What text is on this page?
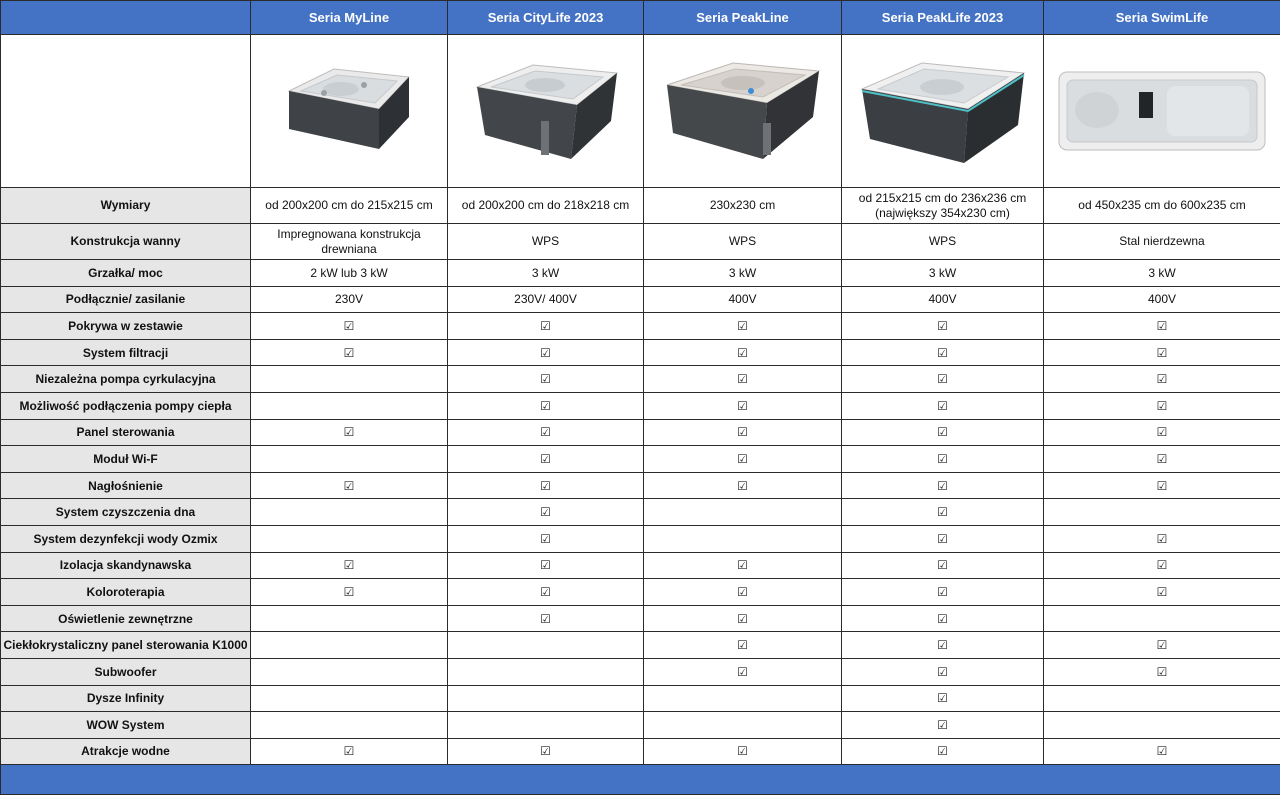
	Seria MyLine	Seria CityLife 2023	Seria PeakLine	Seria PeakLife 2023	Seria SwimLife

Wymiary	od 200x200 cm do 215x215 cm	od 200x200 cm do 218x218 cm	230x230 cm	od 215x215 cm do 236x236 cm (największy 354x230 cm)	od 450x235 cm do 600x235 cm
Konstrukcja wanny	Impregnowana konstrukcja drewniana	WPS	WPS	WPS	Stal nierdzewna
Grzałka/ moc	2 kW lub 3 kW	3 kW	3 kW	3 kW	3 kW
Podłącznie/ zasilanie	230V	230V/ 400V	400V	400V	400V
Pokrywa w zestawie	☑	☑	☑	☑	☑
System filtracji	☑	☑	☑	☑	☑
Niezależna pompa cyrkulacyjna		☑	☑	☑	☑
Możliwość podłączenia pompy ciepła		☑	☑	☑	☑
Panel sterowania	☑	☑	☑	☑	☑
Moduł Wi-F		☑	☑	☑	☑
Nagłośnienie	☑	☑	☑	☑	☑
System czyszczenia dna		☑		☑	
System dezynfekcji wody Ozmix		☑		☑	☑
Izolacja skandynawska	☑	☑	☑	☑	☑
Koloroterapia	☑	☑	☑	☑	☑
Oświetlenie zewnętrzne		☑	☑	☑	
Ciekłokrystaliczny panel sterowania K1000			☑	☑	☑
Subwoofer			☑	☑	☑
Dysze Infinity				☑	
WOW System				☑	
Atrakcje wodne	☑	☑	☑	☑	☑
